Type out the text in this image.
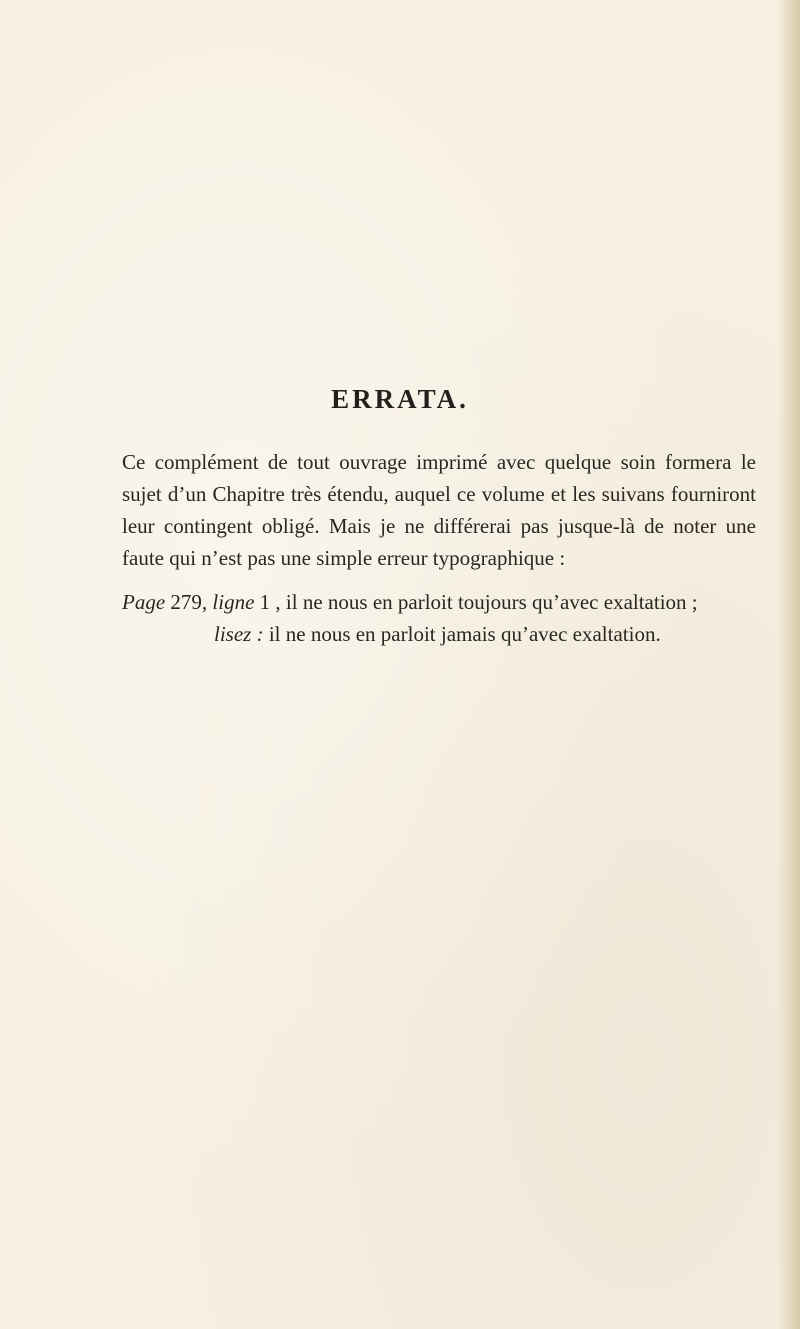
ERRATA.

Ce complément de tout ouvrage imprimé avec quelque soin formera le sujet d’un Chapitre très étendu, auquel ce volume et les suivans fourniront leur contingent obligé. Mais je ne différerai pas jusque-là de noter une faute qui n’est pas une simple erreur typographique :

Page 279, ligne 1 , il ne nous en parloit toujours qu’avec exaltation ;

lisez : il ne nous en parloit jamais qu’avec exaltation.
